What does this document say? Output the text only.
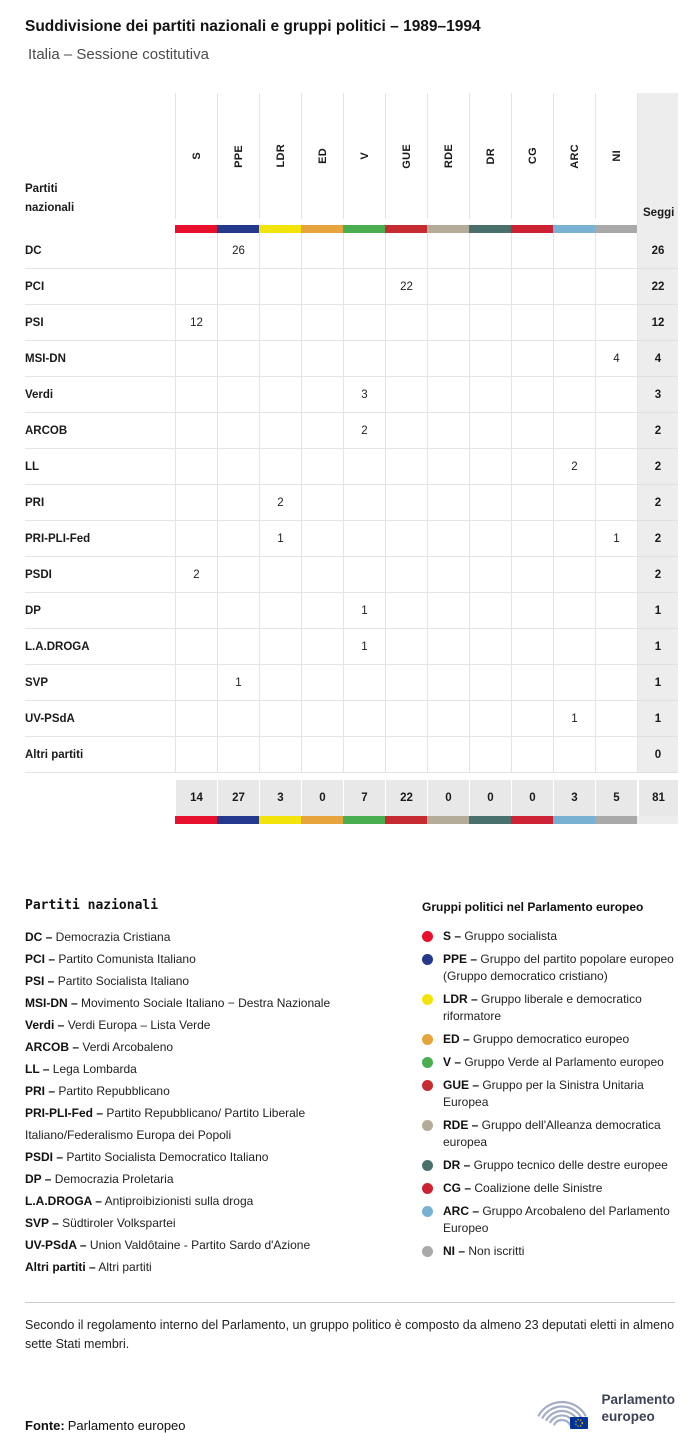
Suddivisione dei partiti nazionali e gruppi politici – 1989–1994
Italia – Sessione costitutiva
Partiti
nazionali
S	PPE	LDR	ED	V	GUE	RDE	DR	CG	ARC	NI
Seggi
DC	26	26
PCI	22	22
PSI	12	12
MSI-DN	4	4
Verdi	3	3
ARCOB	2	2
LL	2	2
PRI	2	2
PRI-PLI-Fed	1	1	2
PSDI	2	2
DP	1	1
L.A.DROGA	1	1
SVP	1	1
UV-PSdA	1	1
Altri partiti	0
14	27	3	0	7	22	0	0	0	3	5	81
Partiti nazionali
DC – Democrazia Cristiana
PCI – Partito Comunista Italiano
PSI – Partito Socialista Italiano
MSI-DN – Movimento Sociale Italiano − Destra Nazionale
Verdi – Verdi Europa – Lista Verde
ARCOB – Verdi Arcobaleno
LL – Lega Lombarda
PRI – Partito Repubblicano
PRI-PLI-Fed – Partito Repubblicano/ Partito Liberale Italiano/Federalismo Europa dei Popoli
PSDI – Partito Socialista Democratico Italiano
DP – Democrazia Proletaria
L.A.DROGA – Antiproibizionisti sulla droga
SVP – Südtiroler Volkspartei
UV-PSdA – Union Valdôtaine - Partito Sardo d'Azione
Altri partiti – Altri partiti
Gruppi politici nel Parlamento europeo
S – Gruppo socialista
PPE – Gruppo del partito popolare europeo (Gruppo democratico cristiano)
LDR – Gruppo liberale e democratico riformatore
ED – Gruppo democratico europeo
V – Gruppo Verde al Parlamento europeo
GUE – Gruppo per la Sinistra Unitaria Europea
RDE – Gruppo dell'Alleanza democratica europea
DR – Gruppo tecnico delle destre europee
CG – Coalizione delle Sinistre
ARC – Gruppo Arcobaleno del Parlamento Europeo
NI – Non iscritti
Secondo il regolamento interno del Parlamento, un gruppo politico è composto da almeno 23 deputati eletti in almeno sette Stati membri.
Fonte: Parlamento europeo
Parlamento
europeo
